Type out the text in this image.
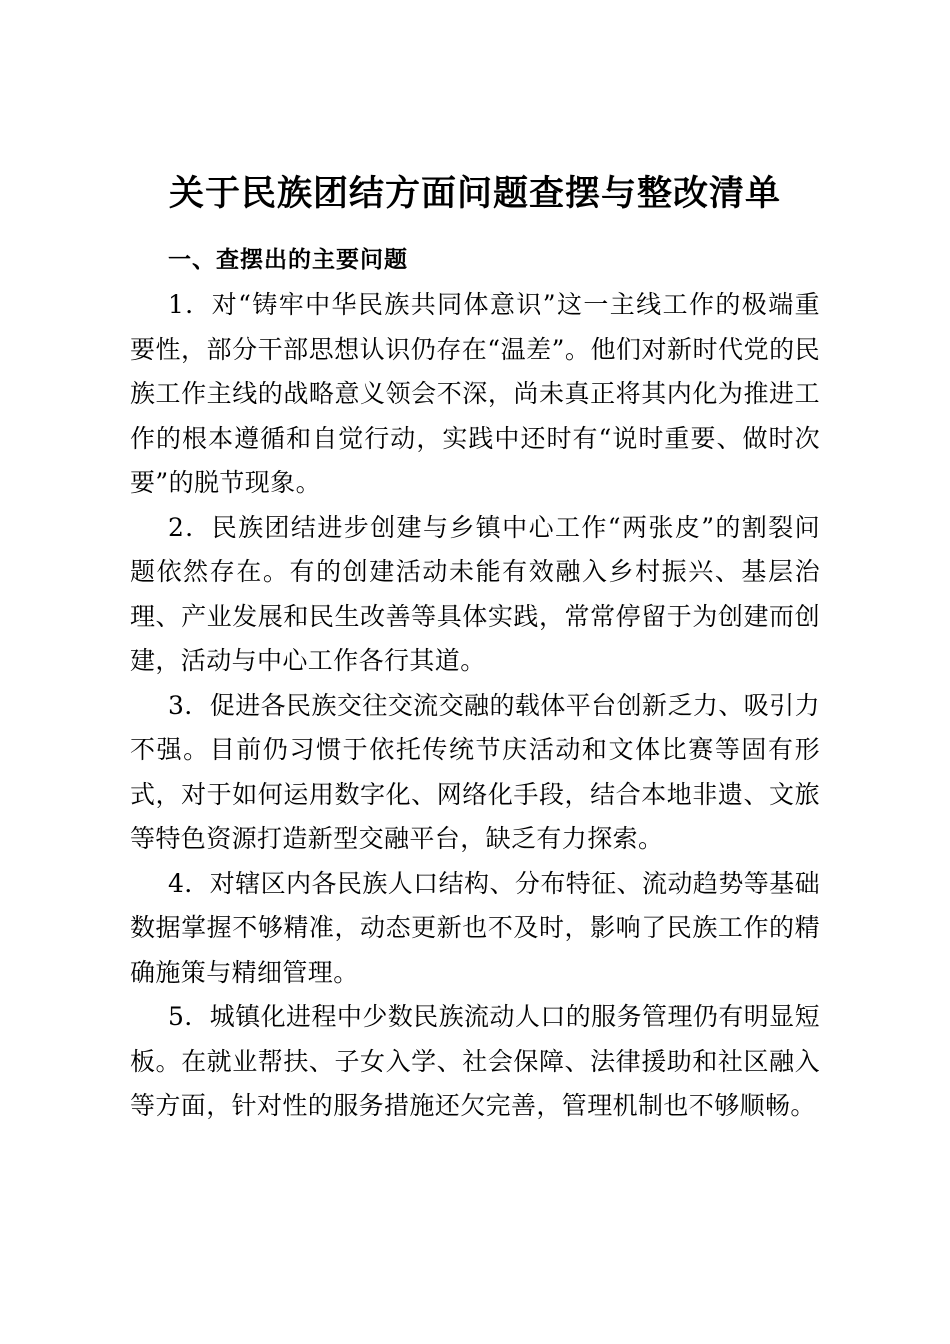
关于民族团结方面问题查摆与整改清单
一、查摆出的主要问题

1．对“铸牢中华民族共同体意识”这一主线工作的极端重要性，部分干部思想认识仍存在“温差”。他们对新时代党的民族工作主线的战略意义领会不深，尚未真正将其内化为推进工作的根本遵循和自觉行动，实践中还时有“说时重要、做时次要”的脱节现象。

2．民族团结进步创建与乡镇中心工作“两张皮”的割裂问题依然存在。有的创建活动未能有效融入乡村振兴、基层治理、产业发展和民生改善等具体实践，常常停留于为创建而创建，活动与中心工作各行其道。

3．促进各民族交往交流交融的载体平台创新乏力、吸引力不强。目前仍习惯于依托传统节庆活动和文体比赛等固有形式，对于如何运用数字化、网络化手段，结合本地非遗、文旅等特色资源打造新型交融平台，缺乏有力探索。

4．对辖区内各民族人口结构、分布特征、流动趋势等基础数据掌握不够精准，动态更新也不及时，影响了民族工作的精确施策与精细管理。

5．城镇化进程中少数民族流动人口的服务管理仍有明显短板。在就业帮扶、子女入学、社会保障、法律援助和社区融入等方面，针对性的服务措施还欠完善，管理机制也不够顺畅。
